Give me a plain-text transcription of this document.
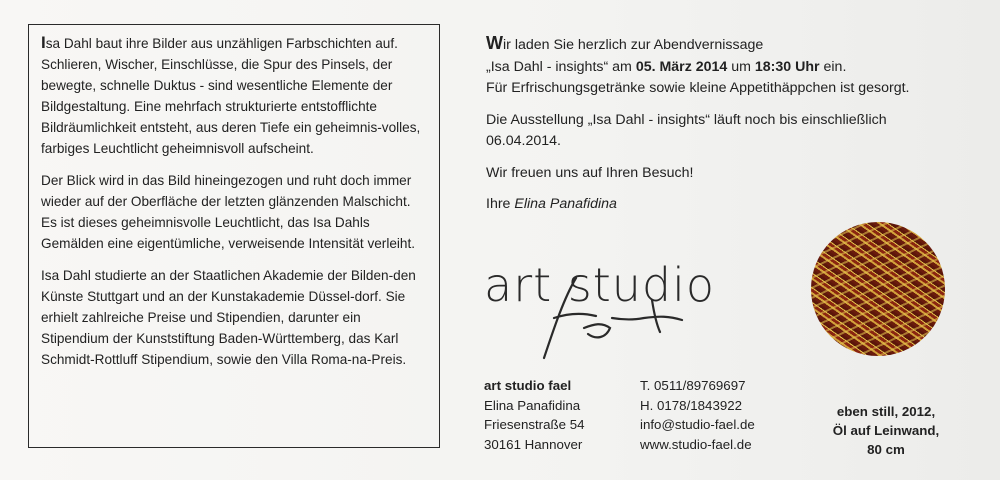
Isa Dahl baut ihre Bilder aus unzähligen Farbschichten auf. Schlieren, Wischer, Einschlüsse, die Spur des Pinsels, der bewegte, schnelle Duktus - sind wesentliche Elemente der Bildgestaltung. Eine mehrfach strukturierte entstofflichte Bildräumlichkeit entsteht, aus deren Tiefe ein geheimnis-volles, farbiges Leuchtlicht geheimnisvoll aufscheint.

Der Blick wird in das Bild hineingezogen und ruht doch immer wieder auf der Oberfläche der letzten glänzenden Malschicht. Es ist dieses geheimnisvolle Leuchtlicht, das Isa Dahls Gemälden eine eigentümliche, verweisende Intensität verleiht.

Isa Dahl studierte an der Staatlichen Akademie der Bilden-den Künste Stuttgart und an der Kunstakademie Düssel-dorf. Sie erhielt zahlreiche Preise und Stipendien, darunter ein Stipendium der Kunststiftung Baden-Württemberg, das Karl Schmidt-Rottluff Stipendium, sowie den Villa Roma-na-Preis.

Wir laden Sie herzlich zur Abendvernissage
„Isa Dahl - insights“ am 05. März 2014 um 18:30 Uhr ein.
Für Erfrischungsgetränke sowie kleine Appetithäppchen ist gesorgt.

Die Ausstellung „Isa Dahl - insights“ läuft noch bis einschließlich 06.04.2014.

Wir freuen uns auf Ihren Besuch!

Ihre Elina Panafidina

art studio
art studio fael
Elina Panafidina
Friesenstraße 54
30161 Hannover
T. 0511/89769697
H. 0178/1843922
info@studio-fael.de
www.studio-fael.de
eben still, 2012,
Öl auf Leinwand,
80 cm
